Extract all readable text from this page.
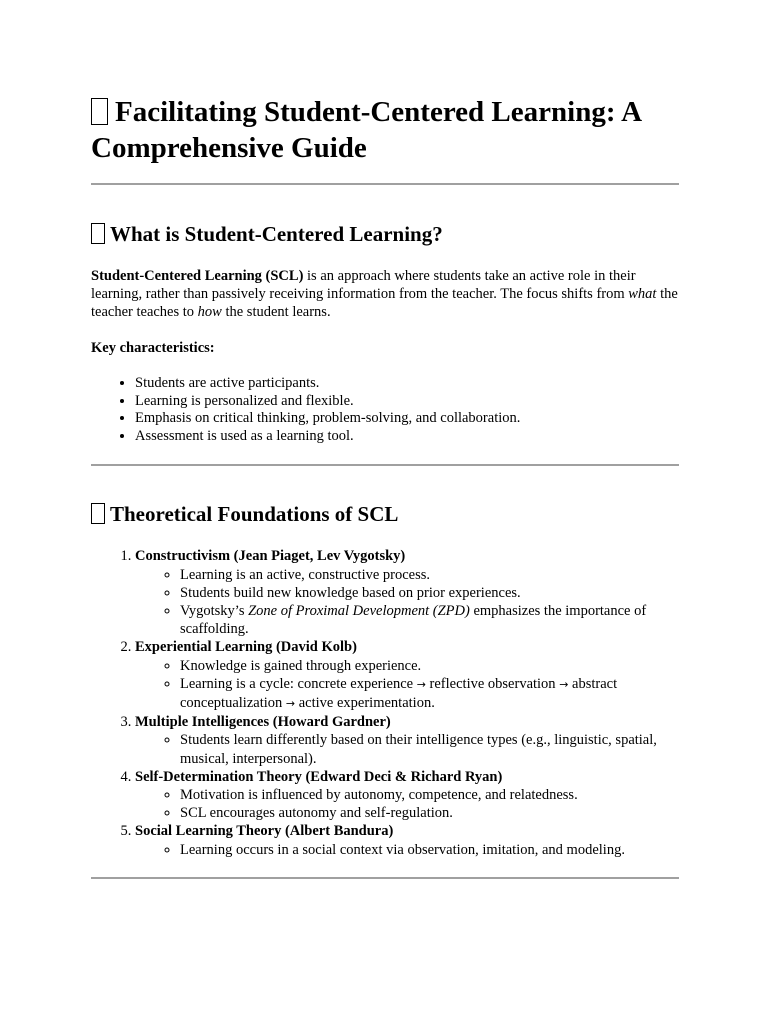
Facilitating Student-Centered Learning: A Comprehensive Guide
What is Student-Centered Learning?

Student-Centered Learning (SCL) is an approach where students take an active role in their learning, rather than passively receiving information from the teacher. The focus shifts from what the teacher teaches to how the student learns.

Key characteristics:

• Students are active participants.
• Learning is personalized and flexible.
• Emphasis on critical thinking, problem-solving, and collaboration.
• Assessment is used as a learning tool.
Theoretical Foundations of SCL
1. Constructivism (Jean Piaget, Lev Vygotsky)
◦ Learning is an active, constructive process.
◦ Students build new knowledge based on prior experiences.
◦ Vygotsky’s Zone of Proximal Development (ZPD) emphasizes the importance of scaffolding.
2. Experiential Learning (David Kolb)
◦ Knowledge is gained through experience.
◦ Learning is a cycle: concrete experience → reflective observation → abstract conceptualization → active experimentation.
3. Multiple Intelligences (Howard Gardner)
◦ Students learn differently based on their intelligence types (e.g., linguistic, spatial, musical, interpersonal).
4. Self-Determination Theory (Edward Deci & Richard Ryan)
◦ Motivation is influenced by autonomy, competence, and relatedness.
◦ SCL encourages autonomy and self-regulation.
5. Social Learning Theory (Albert Bandura)
◦ Learning occurs in a social context via observation, imitation, and modeling.
